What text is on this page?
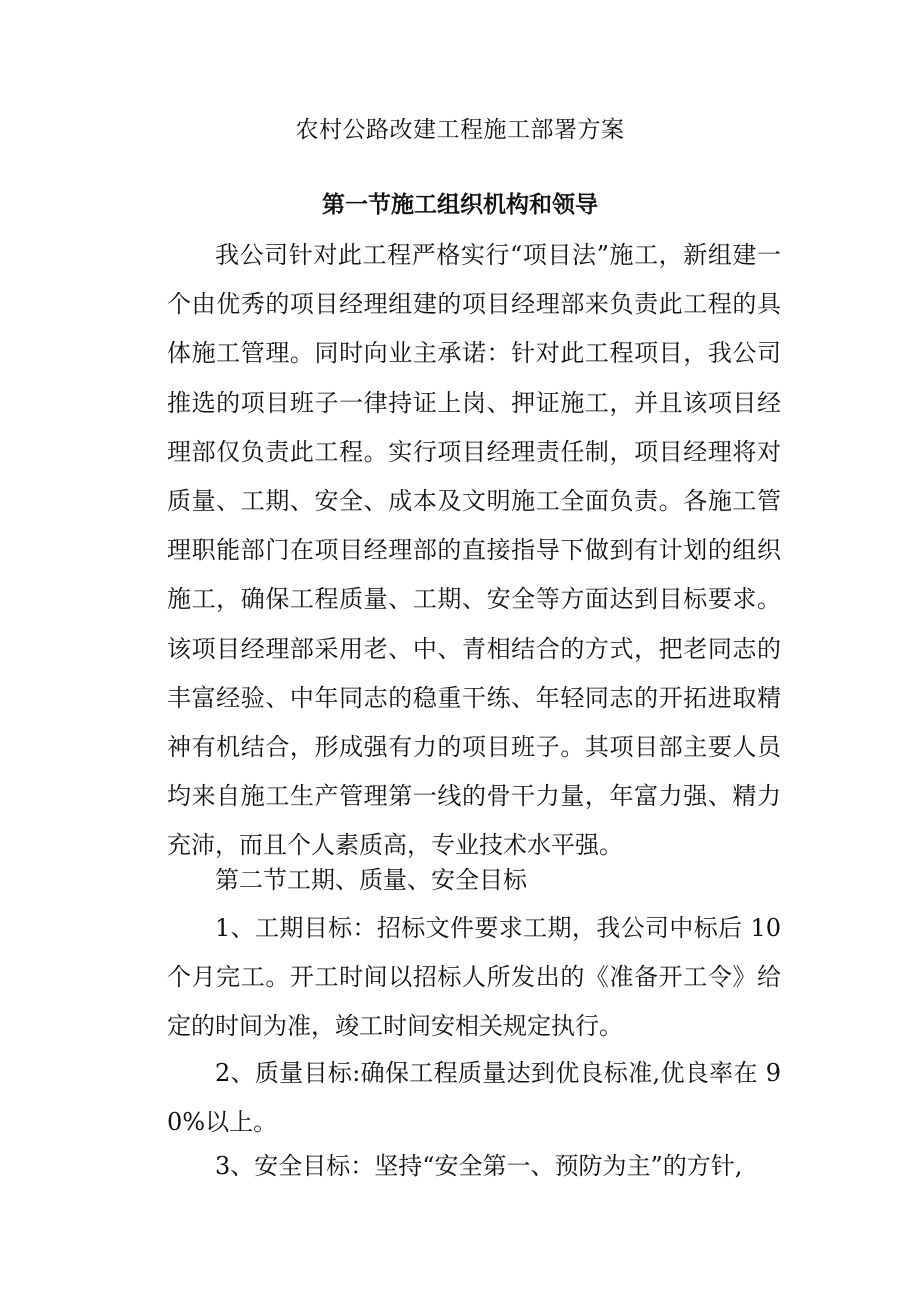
农村公路改建工程施工部署方案
第一节施工组织机构和领导

我公司针对此工程严格实行“项目法”施工，新组建一个由优秀的项目经理组建的项目经理部来负责此工程的具体施工管理。同时向业主承诺：针对此工程项目，我公司推选的项目班子一律持证上岗、押证施工，并且该项目经理部仅负责此工程。实行项目经理责任制，项目经理将对质量、工期、安全、成本及文明施工全面负责。各施工管理职能部门在项目经理部的直接指导下做到有计划的组织施工，确保工程质量、工期、安全等方面达到目标要求。该项目经理部采用老、中、青相结合的方式，把老同志的丰富经验、中年同志的稳重干练、年轻同志的开拓进取精神有机结合，形成强有力的项目班子。其项目部主要人员均来自施工生产管理第一线的骨干力量，年富力强、精力充沛，而且个人素质高，专业技术水平强。

第二节工期、质量、安全目标

1、工期目标：招标文件要求工期，我公司中标后 10 个月完工。开工时间以招标人所发出的《准备开工令》给定的时间为准，竣工时间安相关规定执行。

2、质量目标:确保工程质量达到优良标准,优良率在 90%以上。

3、安全目标：坚持“安全第一、预防为主”的方针,
